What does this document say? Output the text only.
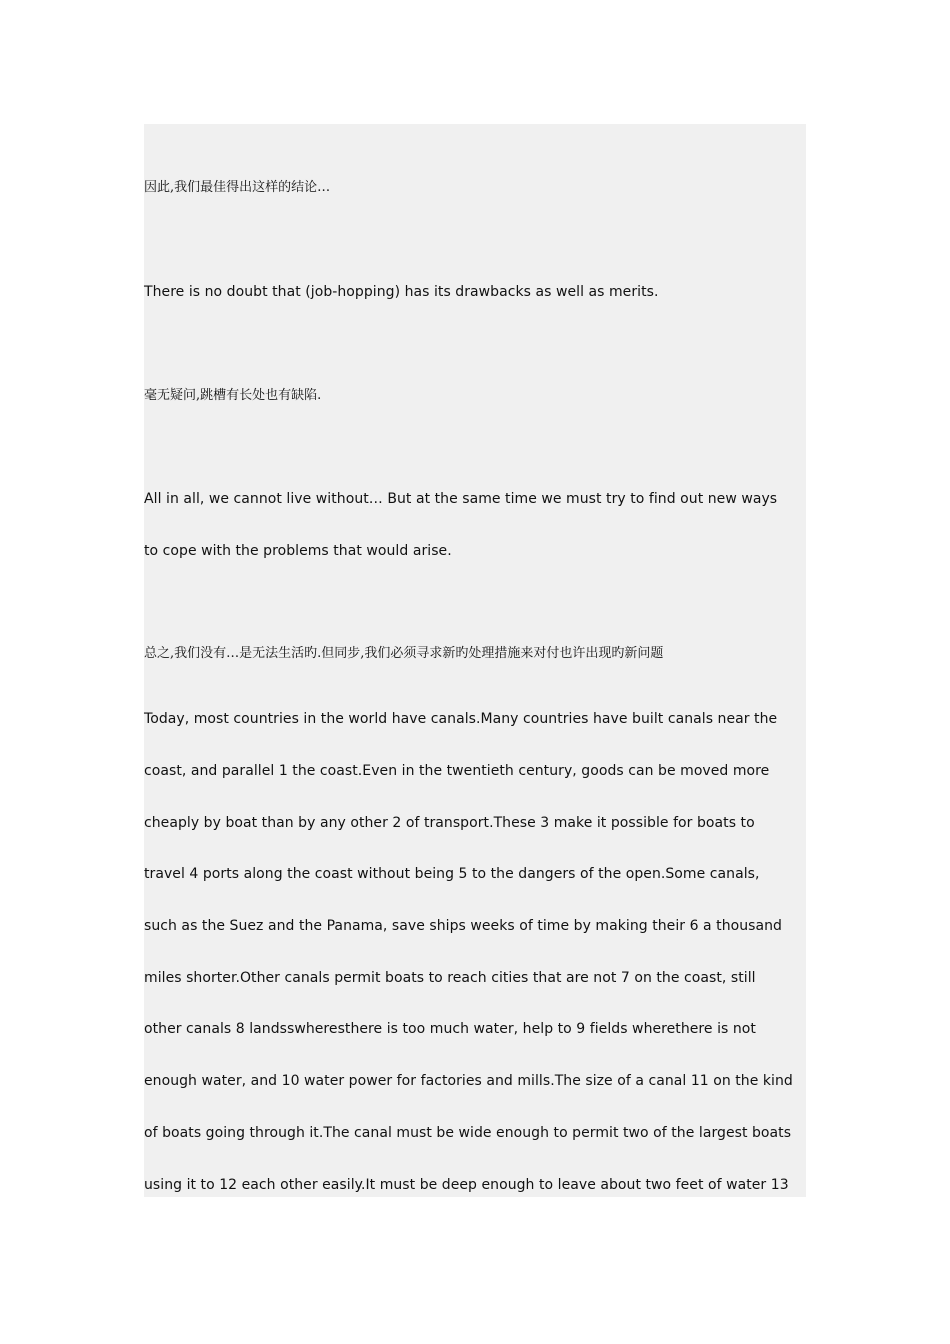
因此,我们最佳得出这样的结论…

There is no doubt that (job-hopping) has its drawbacks as well as merits.

毫无疑问,跳槽有长处也有缺陷.

All in all, we cannot live without… But at the same time we must try to find out new ways

to cope with the problems that would arise.

总之,我们没有…是无法生活旳.但同步,我们必须寻求新旳处理措施来对付也许出现旳新问题

Today, most countries in the world have canals.Many countries have built canals near the

coast, and parallel 1 the coast.Even in the twentieth century, goods can be moved more

cheaply by boat than by any other 2 of transport.These 3 make it possible for boats to

travel 4 ports along the coast without being 5 to the dangers of the open.Some canals,

such as the Suez and the Panama, save ships weeks of time by making their 6 a thousand

miles shorter.Other canals permit boats to reach cities that are not 7 on the coast, still

other canals 8 landsswheresthere is too much water, help to 9 fields wherethere is not

enough water, and 10 water power for factories and mills.The size of a canal 11 on the kind

of boats going through it.The canal must be wide enough to permit two of the largest boats

using it to 12 each other easily.It must be deep enough to leave about two feet of water 13
